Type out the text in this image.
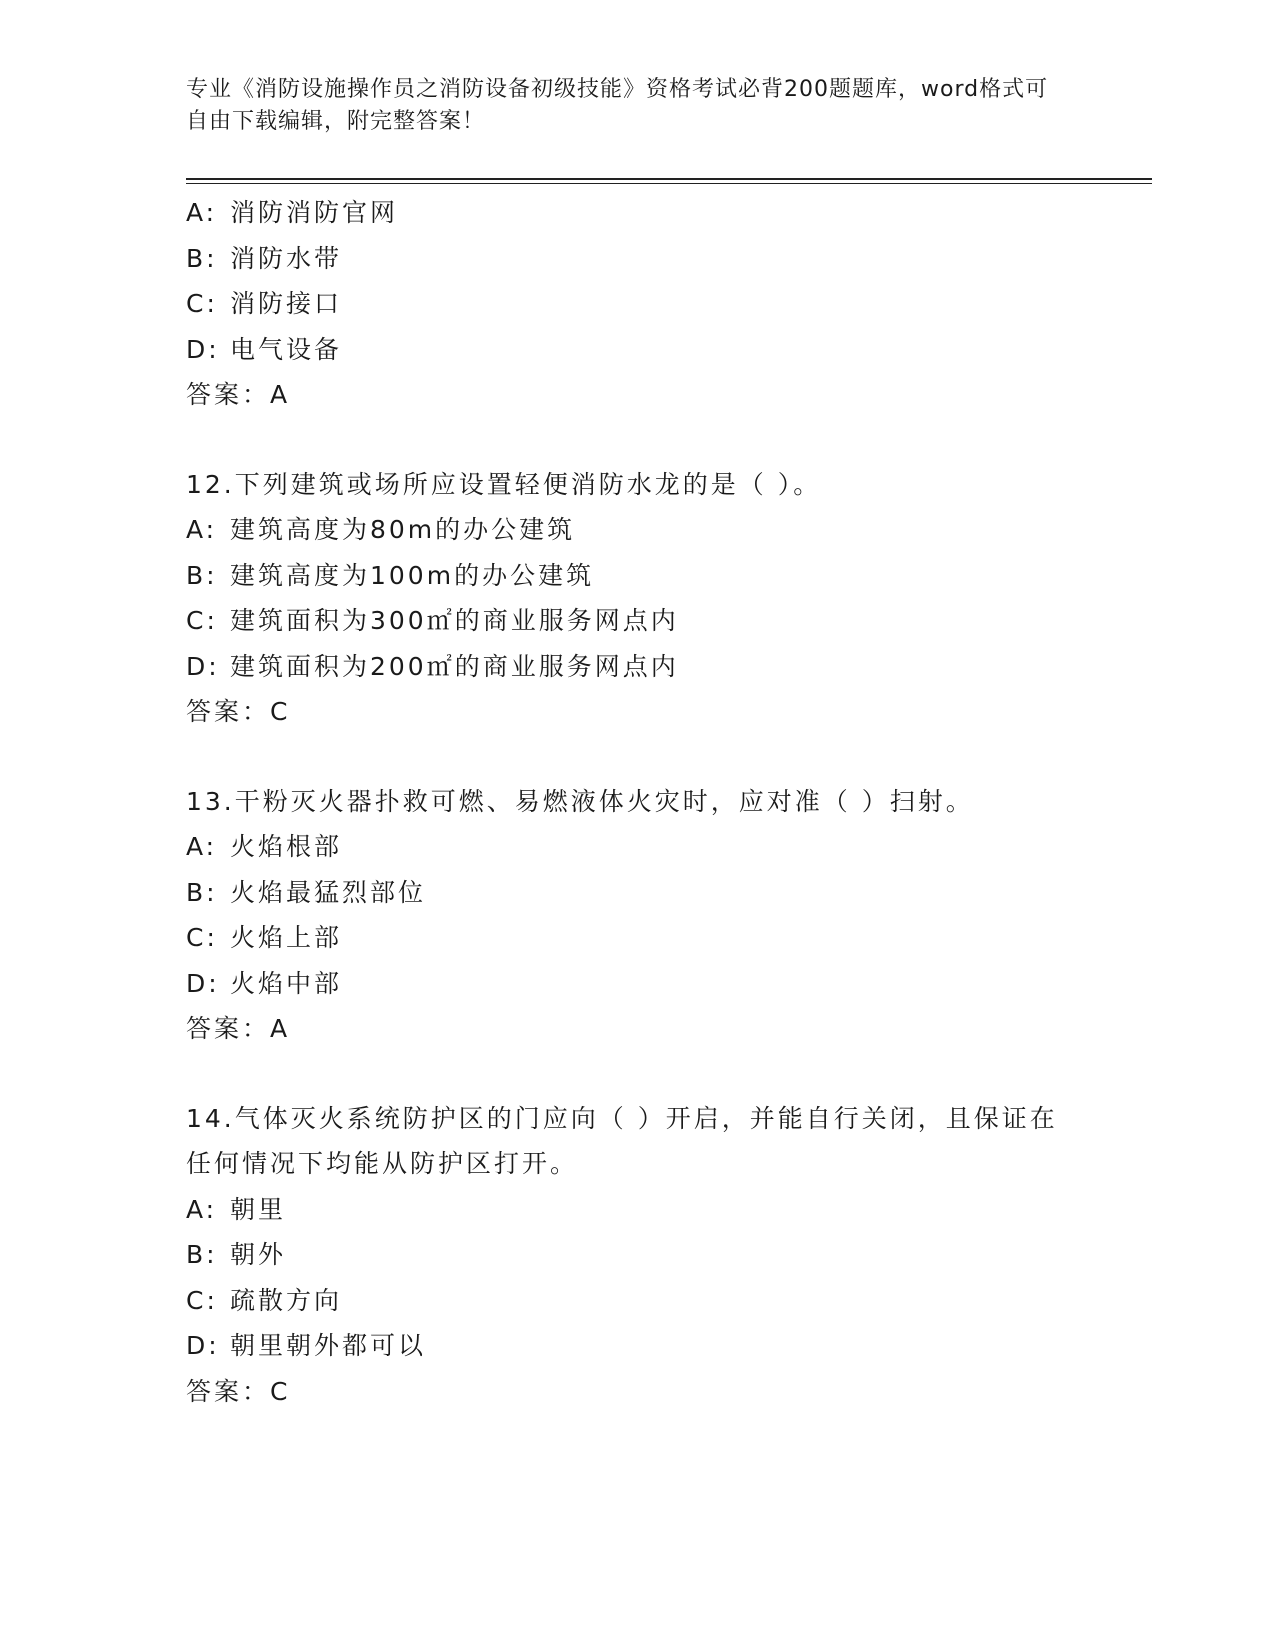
专业《消防设施操作员之消防设备初级技能》资格考试必背200题题库，word格式可自由下载编辑，附完整答案！
A: 消防消防官网
B: 消防水带
C: 消防接口
D: 电气设备
答案：A
12.下列建筑或场所应设置轻便消防水龙的是（ ）。
A: 建筑高度为80m的办公建筑
B: 建筑高度为100m的办公建筑
C: 建筑面积为300㎡的商业服务网点内
D: 建筑面积为200㎡的商业服务网点内
答案：C
13.干粉灭火器扑救可燃、易燃液体火灾时，应对准（ ）扫射。
A: 火焰根部
B: 火焰最猛烈部位
C: 火焰上部
D: 火焰中部
答案：A
14.气体灭火系统防护区的门应向（ ）开启，并能自行关闭，且保证在任何情况下均能从防护区打开。
A: 朝里
B: 朝外
C: 疏散方向
D: 朝里朝外都可以
答案：C
